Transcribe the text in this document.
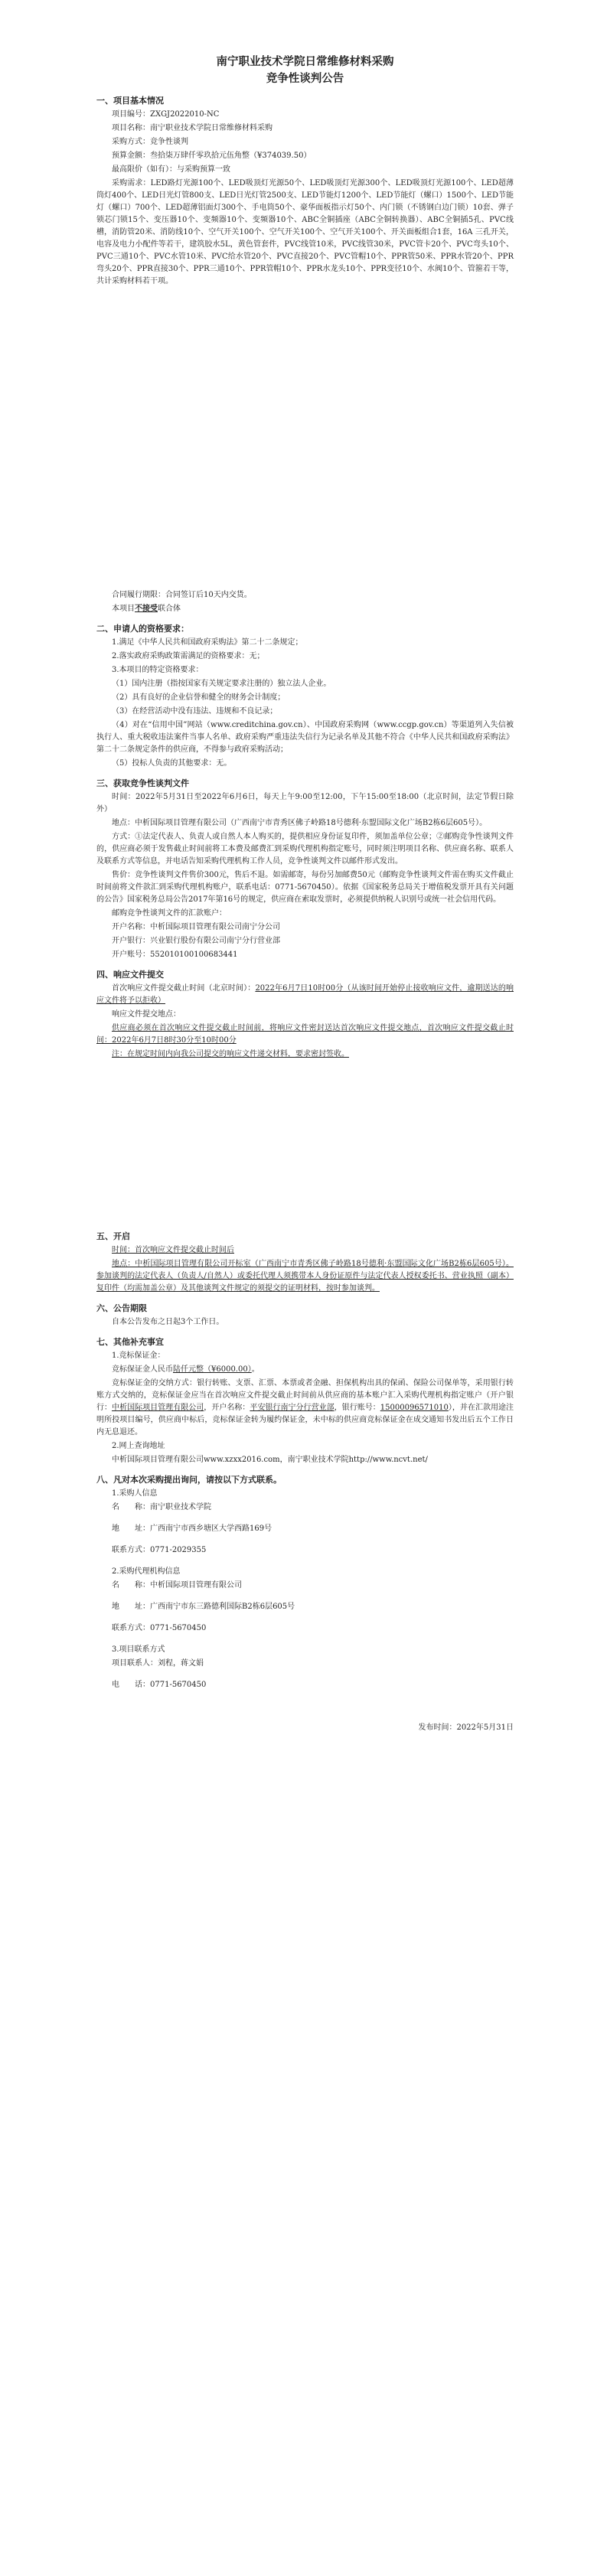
南宁职业技术学院日常维修材料采购
竞争性谈判公告
一、项目基本情况
项目编号：ZXGJ2022010-NC
项目名称：南宁职业技术学院日常维修材料采购
采购方式：竞争性谈判
预算金额：叁拾柒万肆仟零玖拾元伍角整（¥374039.50）
最高限价（如有）：与采购预算一致
采购需求：LED路灯光源100个、LED吸顶灯光源50个、LED吸顶灯光源300个、LED吸顶灯光源100个、LED超薄筒灯400个、LED日光灯管800支、LED日光灯管2500支、LED节能灯1200个、LED节能灯（螺口）1500个、LED节能灯（螺口）700个、LED超薄铝面灯300个、手电筒50个、豪华面板指示灯50个、内门锁（不锈钢白边门锁）10套、弹子锁芯门锁15个、变压器10个、变频器10个、变频器10个、ABC全铜插座（ABC全铜转换器）、ABC全铜插5孔、PVC线槽，消防管20米、消防线10个、空气开关100个、空气开关100个、空气开关100个、开关面板组合1套，16A 三孔开关，电容及电力小配件等若干，建筑胶水5L，黄色管套件，PVC线管10米，PVC线管30米，PVC管卡20个、PVC弯头10个、PVC三通10个、PVC水管10米、PVC给水管20个、PVC直接20个、PVC管帽10个、PPR管50米、PPR水管20个、PPR弯头20个、PPR直接30个、PPR三通10个、PPR管帽10个、PPR水龙头10个、PPR变径10个、水阀10个、管箍若干等，共计采购材料若干项。
合同履行期限：合同签订后10天内交货。
本项目不接受联合体
二、申请人的资格要求：
1.满足《中华人民共和国政府采购法》第二十二条规定；
2.落实政府采购政策需满足的资格要求：无；
3.本项目的特定资格要求：
（1）国内注册（指按国家有关规定要求注册的）独立法人企业。
（2）具有良好的企业信誉和健全的财务会计制度；
（3）在经营活动中没有违法、违规和不良记录；
（4）对在“信用中国”网站（www.creditchina.gov.cn）、中国政府采购网（www.ccgp.gov.cn）等渠道列入失信被执行人、重大税收违法案件当事人名单、政府采购严重违法失信行为记录名单及其他不符合《中华人民共和国政府采购法》第二十二条规定条件的供应商，不得参与政府采购活动；
（5）投标人负责的其他要求：无。
三、获取竞争性谈判文件
时间：2022年5月31日至2022年6月6日，每天上午9:00至12:00，下午15:00至18:00（北京时间，法定节假日除外）
地点：中析国际项目管理有限公司（广西南宁市青秀区佛子岭路18号德利·东盟国际文化广场B2栋6层605号）。
方式：①法定代表人、负责人或自然人本人购买的，提供相应身份证复印件，须加盖单位公章；②邮购竞争性谈判文件的，供应商必须于发售截止时间前将工本费及邮费汇到采购代理机构指定账号，同时须注明项目名称、供应商名称、联系人及联系方式等信息，并电话告知采购代理机构工作人员，竞争性谈判文件以邮件形式发出。
售价：竞争性谈判文件售价300元，售后不退。如需邮寄，每份另加邮费50元（邮购竞争性谈判文件需在购买文件截止时间前将文件款汇到采购代理机构账户，联系电话：0771-5670450）。依据《国家税务总局关于增值税发票开具有关问题的公告》国家税务总局公告2017年第16号的规定，供应商在索取发票时，必须提供纳税人识别号或统一社会信用代码。
邮购竞争性谈判文件的汇款账户：
开户名称：中析国际项目管理有限公司南宁分公司
开户银行：兴业银行股份有限公司南宁分行营业部
开户账号：552010100100683441
四、响应文件提交
首次响应文件提交截止时间（北京时间）：2022年6月7日10时00分（从该时间开始停止接收响应文件，逾期送达的响应文件将予以拒收）
响应文件提交地点：
供应商必须在首次响应文件提交截止时间前，将响应文件密封送达首次响应文件提交地点，首次响应文件提交截止时间：2022年6月7日8时30分至10时00分
注：在规定时间内向我公司提交的响应文件递交材料，要求密封签收。
五、开启
时间：首次响应文件提交截止时间后
地点：中析国际项目管理有限公司开标室（广西南宁市青秀区佛子岭路18号德利·东盟国际文化广场B2栋6层605号）。参加谈判的法定代表人（负责人/自然人）或委托代理人须携带本人身份证原件与法定代表人授权委托书、营业执照（副本）复印件（均需加盖公章）及其他谈判文件规定的须提交的证明材料，按时参加谈判。
六、公告期限
自本公告发布之日起3个工作日。
七、其他补充事宜
1.竞标保证金：
竞标保证金人民币陆仟元整（¥6000.00）。
竞标保证金的交纳方式：银行转账、支票、汇票、本票或者金融、担保机构出具的保函、保险公司保单等，采用银行转账方式交纳的，竞标保证金应当在首次响应文件提交截止时间前从供应商的基本账户汇入采购代理机构指定账户（开户银行：中析国际项目管理有限公司，开户名称：平安银行南宁分行营业部，银行账号：15000096571010），并在汇款用途注明所投项目编号，供应商中标后，竞标保证金转为履约保证金，未中标的供应商竞标保证金在成交通知书发出后五个工作日内无息退还。
2.网上查询地址
中析国际项目管理有限公司www.xzxx2016.com，南宁职业技术学院http://www.ncvt.net/
八、凡对本次采购提出询问，请按以下方式联系。
1.采购人信息
名　　称：南宁职业技术学院
地　　址：广西南宁市西乡塘区大学西路169号
联系方式：0771-2029355
2.采购代理机构信息
名　　称：中析国际项目管理有限公司
地　　址：广西南宁市东三路德利国际B2栋6层605号
联系方式：0771-5670450
3.项目联系方式
项目联系人：刘程，蒋文娟
电　　话：0771-5670450
发布时间：2022年5月31日
